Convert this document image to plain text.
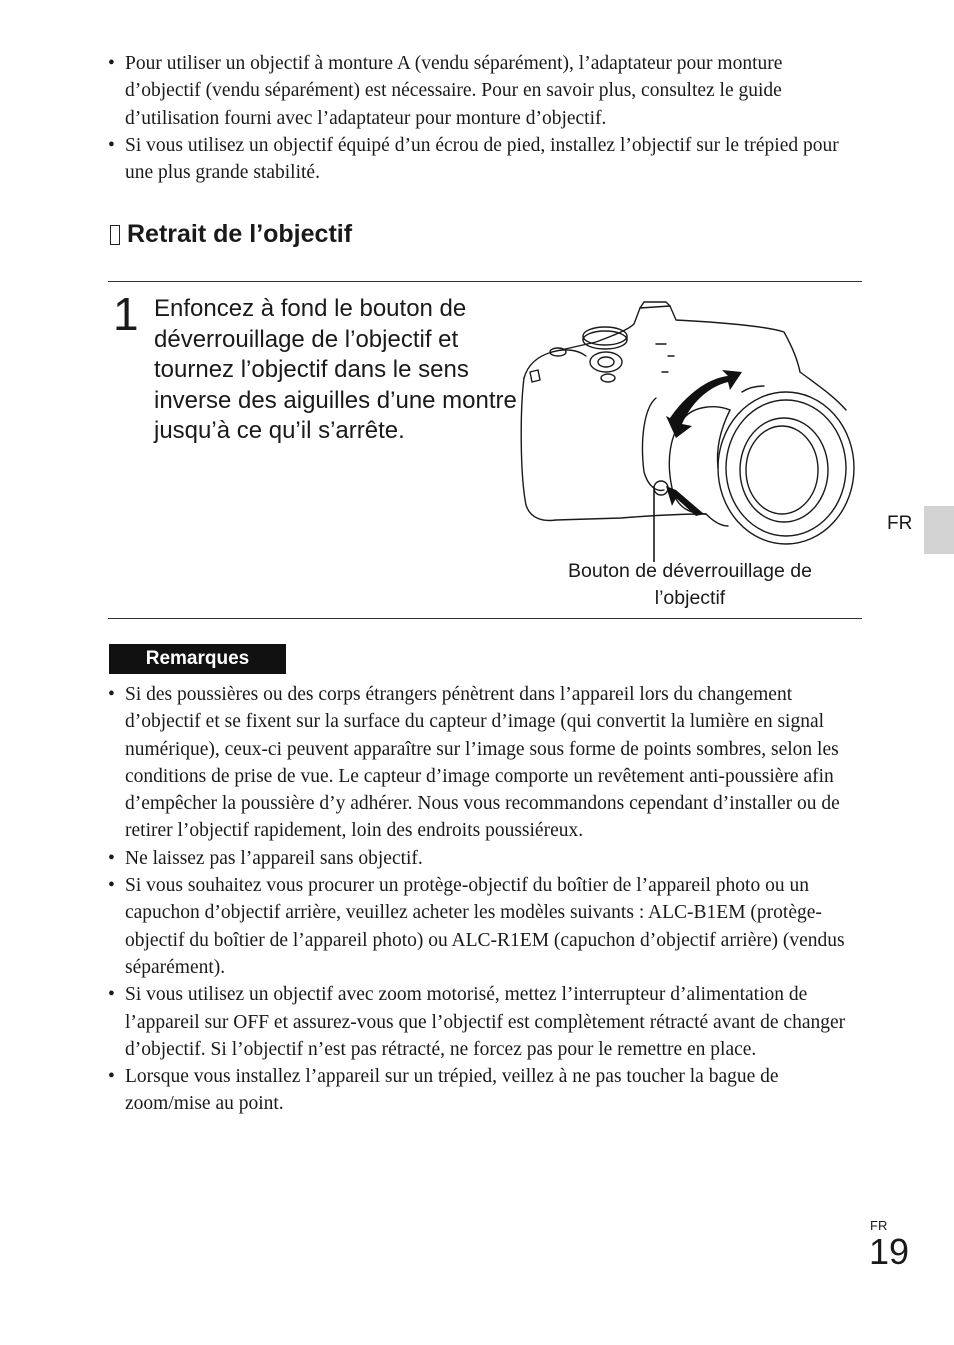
• Pour utiliser un objectif à monture A (vendu séparément), l’adaptateur pour monture d’objectif (vendu séparément) est nécessaire. Pour en savoir plus, consultez le guide d’utilisation fourni avec l’adaptateur pour monture d’objectif.
• Si vous utilisez un objectif équipé d’un écrou de pied, installez l’objectif sur le trépied pour une plus grande stabilité.
Retrait de l’objectif
1 Enfoncez à fond le bouton de déverrouillage de l’objectif et tournez l’objectif dans le sens inverse des aiguilles d’une montre jusqu’à ce qu’il s’arrête.
Bouton de déverrouillage de l’objectif
Remarques
• Si des poussières ou des corps étrangers pénètrent dans l’appareil lors du changement d’objectif et se fixent sur la surface du capteur d’image (qui convertit la lumière en signal numérique), ceux-ci peuvent apparaître sur l’image sous forme de points sombres, selon les conditions de prise de vue. Le capteur d’image comporte un revêtement anti-poussière afin d’empêcher la poussière d’y adhérer. Nous vous recommandons cependant d’installer ou de retirer l’objectif rapidement, loin des endroits poussiéreux.
• Ne laissez pas l’appareil sans objectif.
• Si vous souhaitez vous procurer un protège-objectif du boîtier de l’appareil photo ou un capuchon d’objectif arrière, veuillez acheter les modèles suivants : ALC-B1EM (protège-objectif du boîtier de l’appareil photo) ou ALC-R1EM (capuchon d’objectif arrière) (vendus séparément).
• Si vous utilisez un objectif avec zoom motorisé, mettez l’interrupteur d’alimentation de l’appareil sur OFF et assurez-vous que l’objectif est complètement rétracté avant de changer d’objectif. Si l’objectif n’est pas rétracté, ne forcez pas pour le remettre en place.
• Lorsque vous installez l’appareil sur un trépied, veillez à ne pas toucher la bague de zoom/mise au point.
FR
FR
19
